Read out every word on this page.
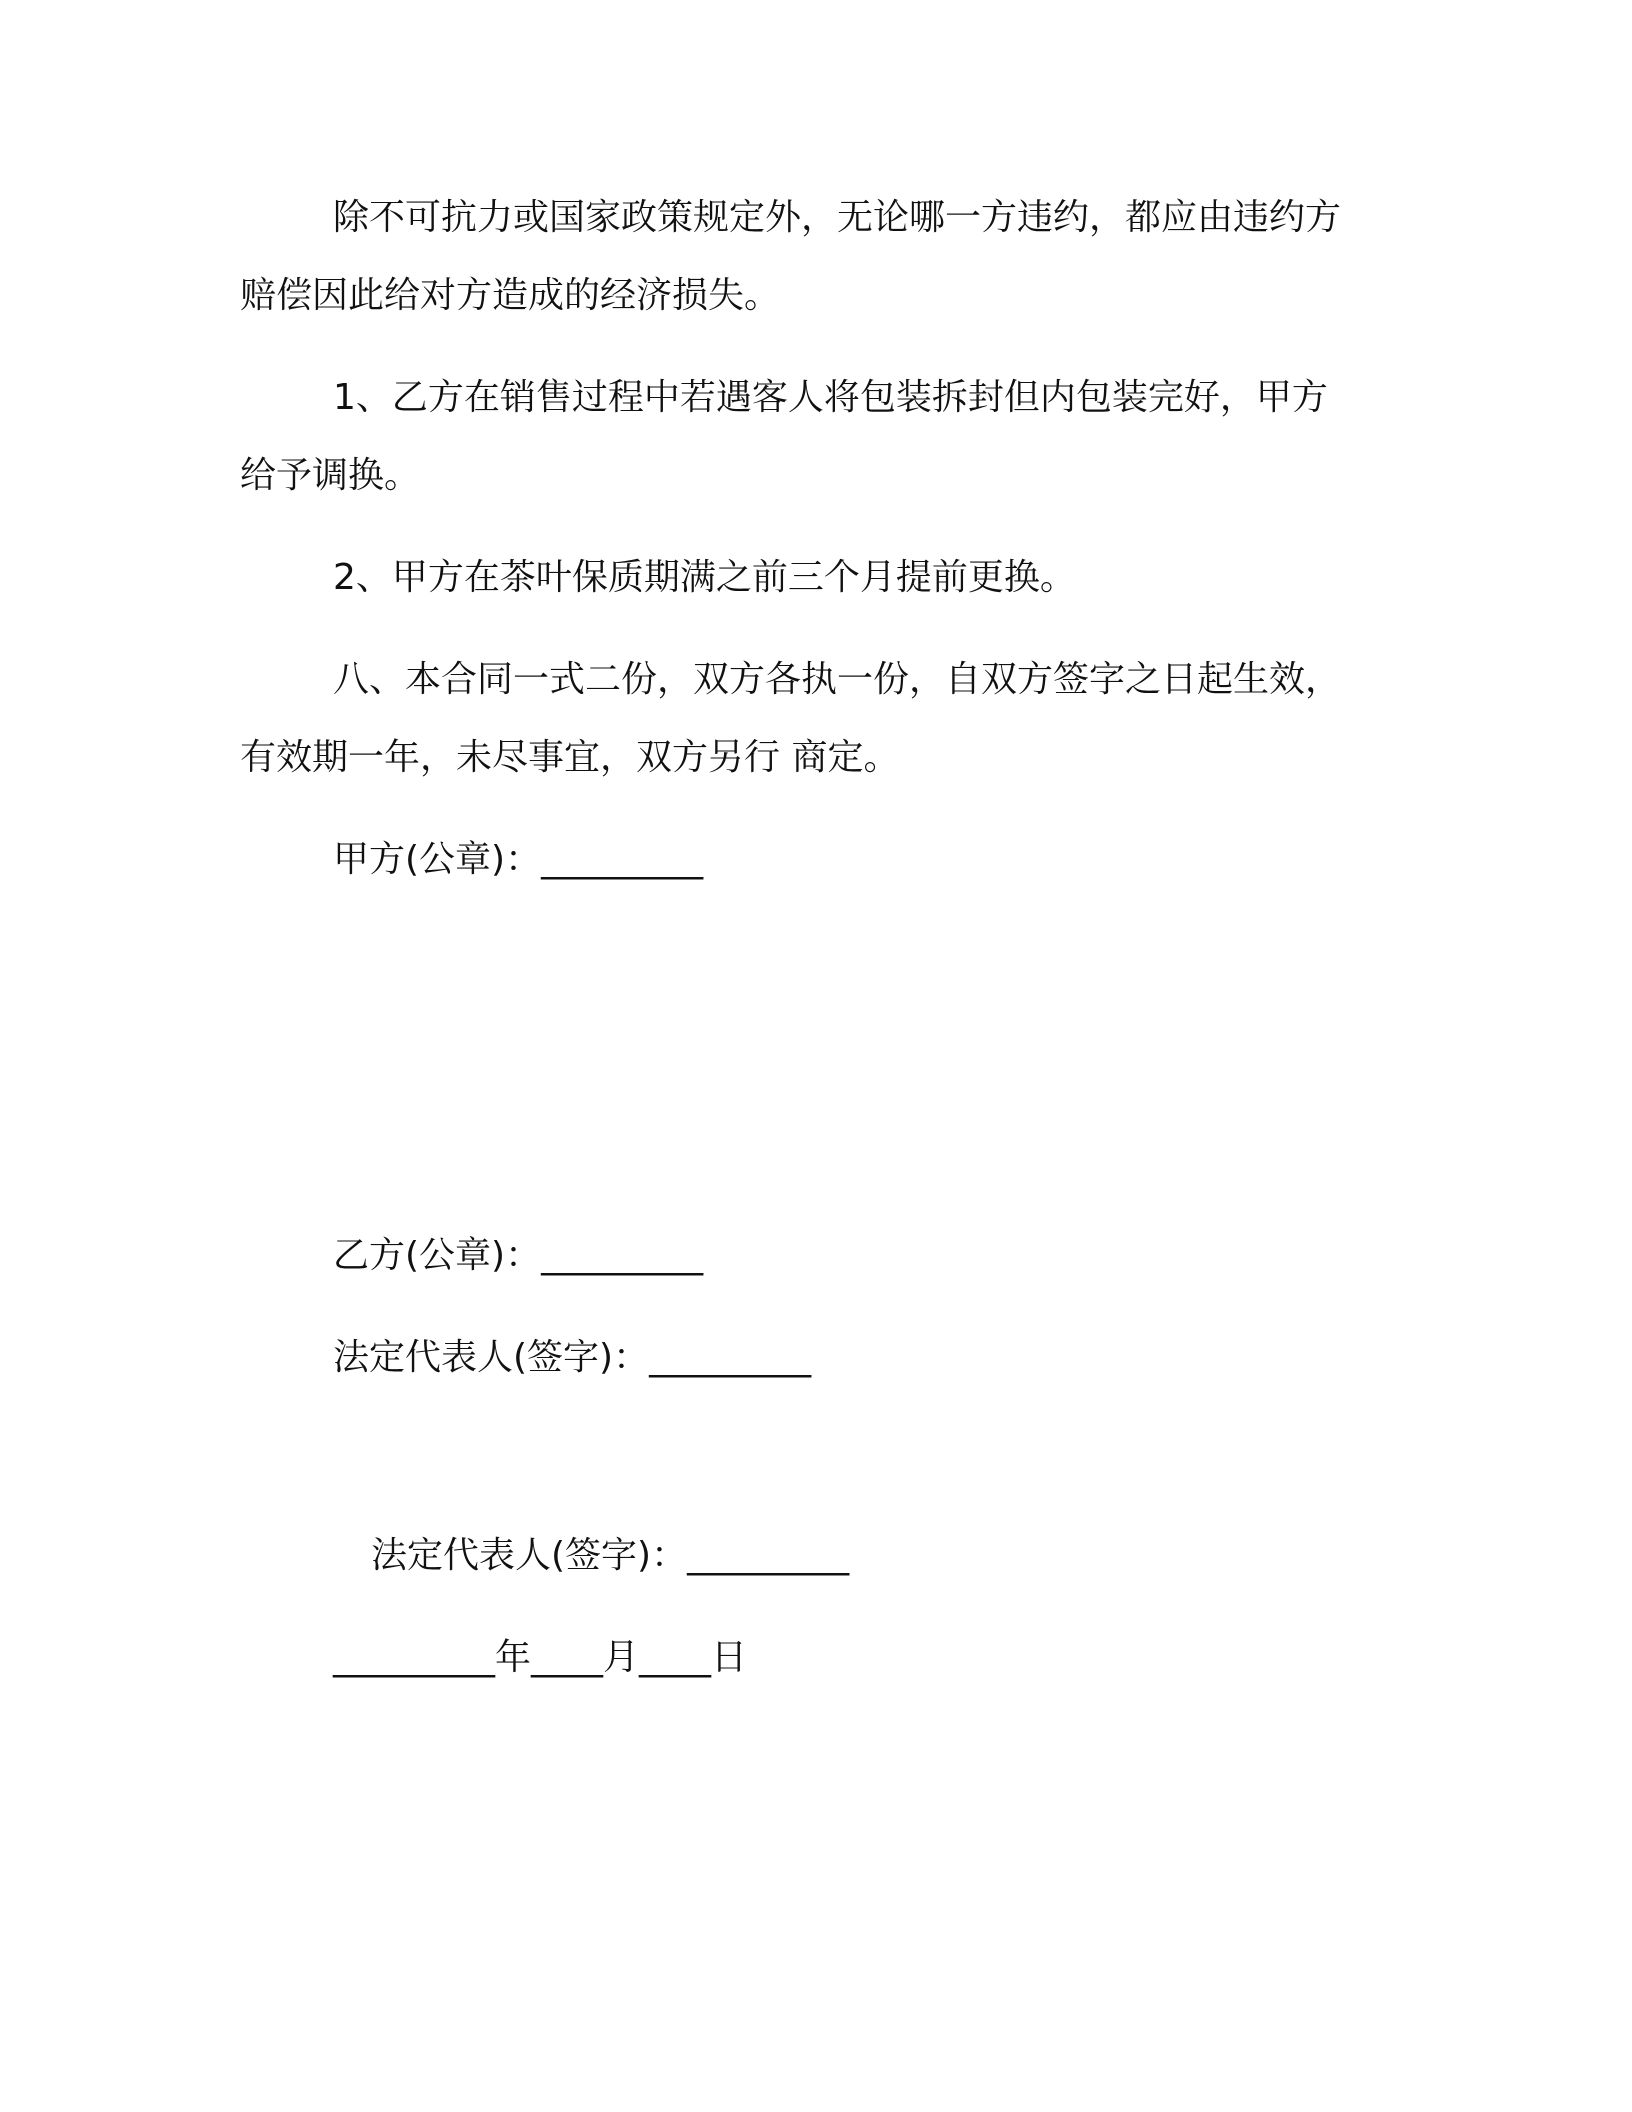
除不可抗力或国家政策规定外，无论哪一方违约，都应由违约方
赔偿因此给对方造成的经济损失。
1、乙方在销售过程中若遇客人将包装拆封但内包装完好，甲方
给予调换。
2、甲方在茶叶保质期满之前三个月提前更换。
八、本合同一式二份，双方各执一份，自双方签字之日起生效，
有效期一年，未尽事宜，双方另行 商定。
甲方(公章)：_________
乙方(公章)：_________
法定代表人(签字)：_________
法定代表人(签字)：_________
_________年____月____日
